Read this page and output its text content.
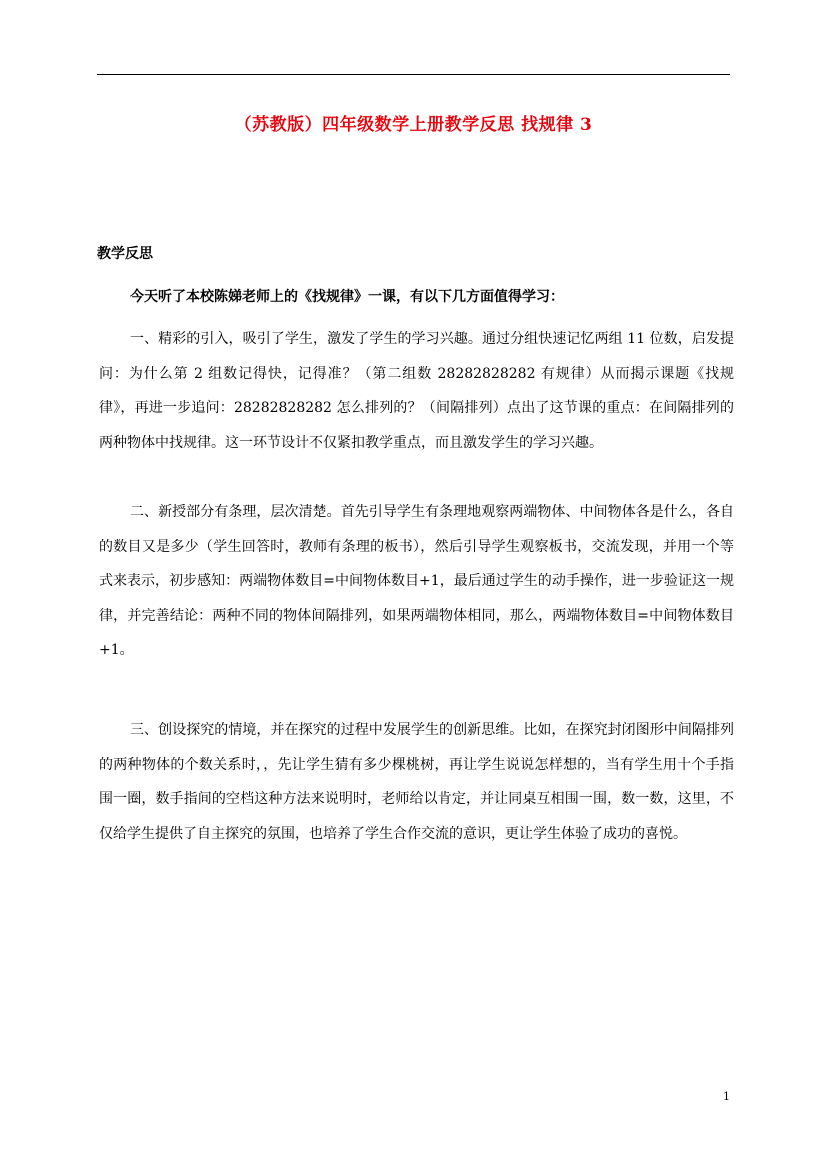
（苏教版）四年级数学上册教学反思 找规律 3
教学反思
今天听了本校陈娣老师上的《找规律》一课，有以下几方面值得学习：

一、精彩的引入，吸引了学生，激发了学生的学习兴趣。通过分组快速记忆两组 11 位数，启发提问：为什么第 2 组数记得快，记得准？（第二组数 28282828282 有规律）从而揭示课题《找规律》，再进一步追问：28282828282 怎么排列的？（间隔排列）点出了这节课的重点：在间隔排列的两种物体中找规律。这一环节设计不仅紧扣教学重点，而且激发学生的学习兴趣。

二、新授部分有条理，层次清楚。首先引导学生有条理地观察两端物体、中间物体各是什么，各自的数目又是多少（学生回答时，教师有条理的板书），然后引导学生观察板书，交流发现，并用一个等式来表示，初步感知：两端物体数目=中间物体数目+1，最后通过学生的动手操作，进一步验证这一规律，并完善结论：两种不同的物体间隔排列，如果两端物体相同，那么，两端物体数目=中间物体数目+1。

三、创设探究的情境，并在探究的过程中发展学生的创新思维。比如，在探究封闭图形中间隔排列的两种物体的个数关系时，，先让学生猜有多少棵桃树，再让学生说说怎样想的，当有学生用十个手指围一圈，数手指间的空档这种方法来说明时，老师给以肯定，并让同桌互相围一围，数一数，这里，不仅给学生提供了自主探究的氛围，也培养了学生合作交流的意识，更让学生体验了成功的喜悦。

1
